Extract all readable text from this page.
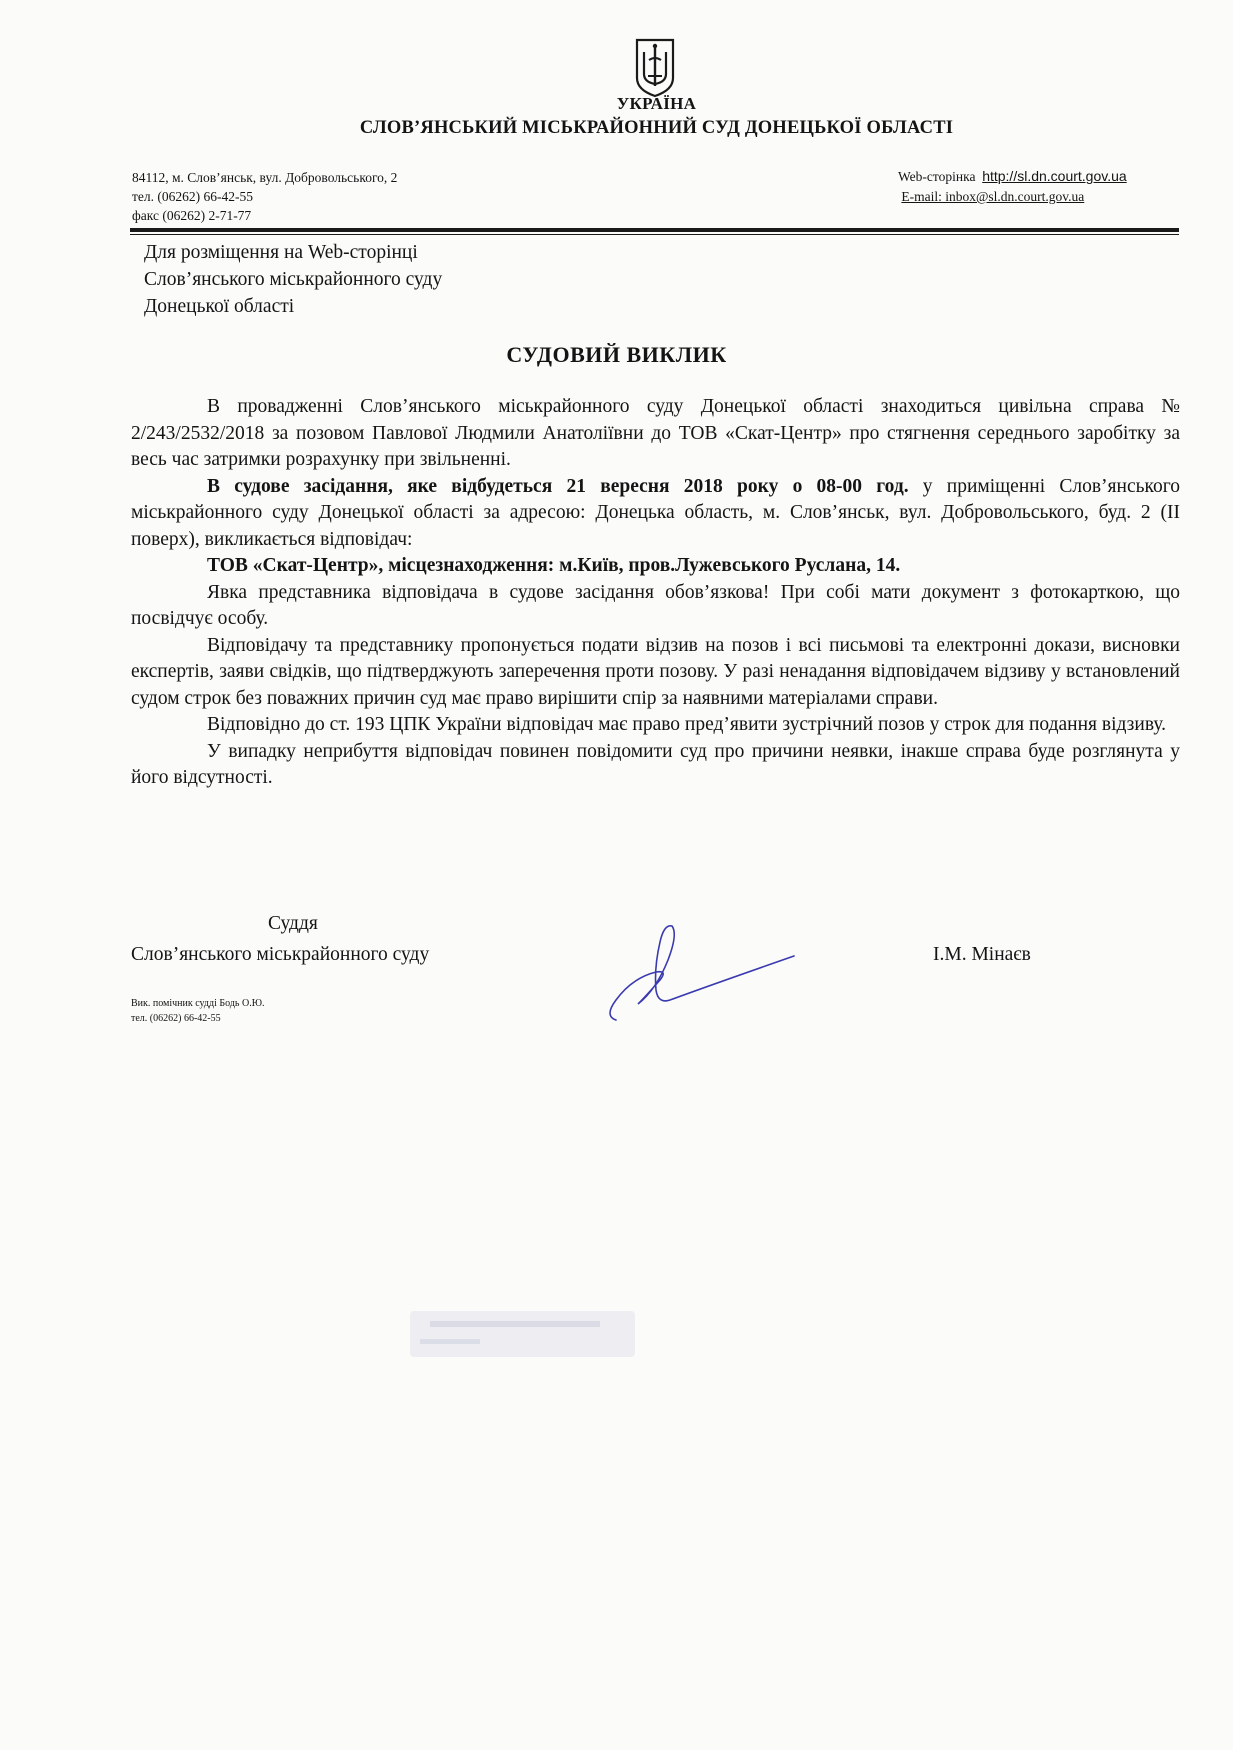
УКРАЇНА
СЛОВ’ЯНСЬКИЙ МІСЬКРАЙОННИЙ СУД ДОНЕЦЬКОЇ ОБЛАСТІ
84112, м. Слов’янськ, вул. Добровольського, 2
тел. (06262) 66-42-55
факс (06262) 2-71-77
Web-сторінка http://sl.dn.court.gov.ua
E-mail: inbox@sl.dn.court.gov.ua
Для розміщення на Web-сторінці
Слов’янського міськрайонного суду
Донецької області
СУДОВИЙ ВИКЛИК

В провадженні Слов’янського міськрайонного суду Донецької області знаходиться цивільна справа № 2/243/2532/2018 за позовом Павлової Людмили Анатоліївни до ТОВ «Скат-Центр» про стягнення середнього заробітку за весь час затримки розрахунку при звільненні.

В судове засідання, яке відбудеться 21 вересня 2018 року о 08-00 год. у приміщенні Слов’янського міськрайонного суду Донецької області за адресою: Донецька область, м. Слов’янськ, вул. Добровольського, буд. 2 (ІІ поверх), викликається відповідач:

ТОВ «Скат-Центр», місцезнаходження: м.Київ, пров.Лужевського Руслана, 14.

Явка представника відповідача в судове засідання обов’язкова! При собі мати документ з фотокарткою, що посвідчує особу.

Відповідачу та представнику пропонується подати відзив на позов і всі письмові та електронні докази, висновки експертів, заяви свідків, що підтверджують заперечення проти позову. У разі ненадання відповідачем відзиву у встановлений судом строк без поважних причин суд має право вирішити спір за наявними матеріалами справи.

Відповідно до ст. 193 ЦПК України відповідач має право пред’явити зустрічний позов у строк для подання відзиву.

У випадку неприбуття відповідач повинен повідомити суд про причини неявки, інакше справа буде розглянута у його відсутності.

Суддя
Слов’янського міськрайонного суду	І.М. Мінаєв
Вик. помічник судді Бодь О.Ю.
тел. (06262) 66-42-55
